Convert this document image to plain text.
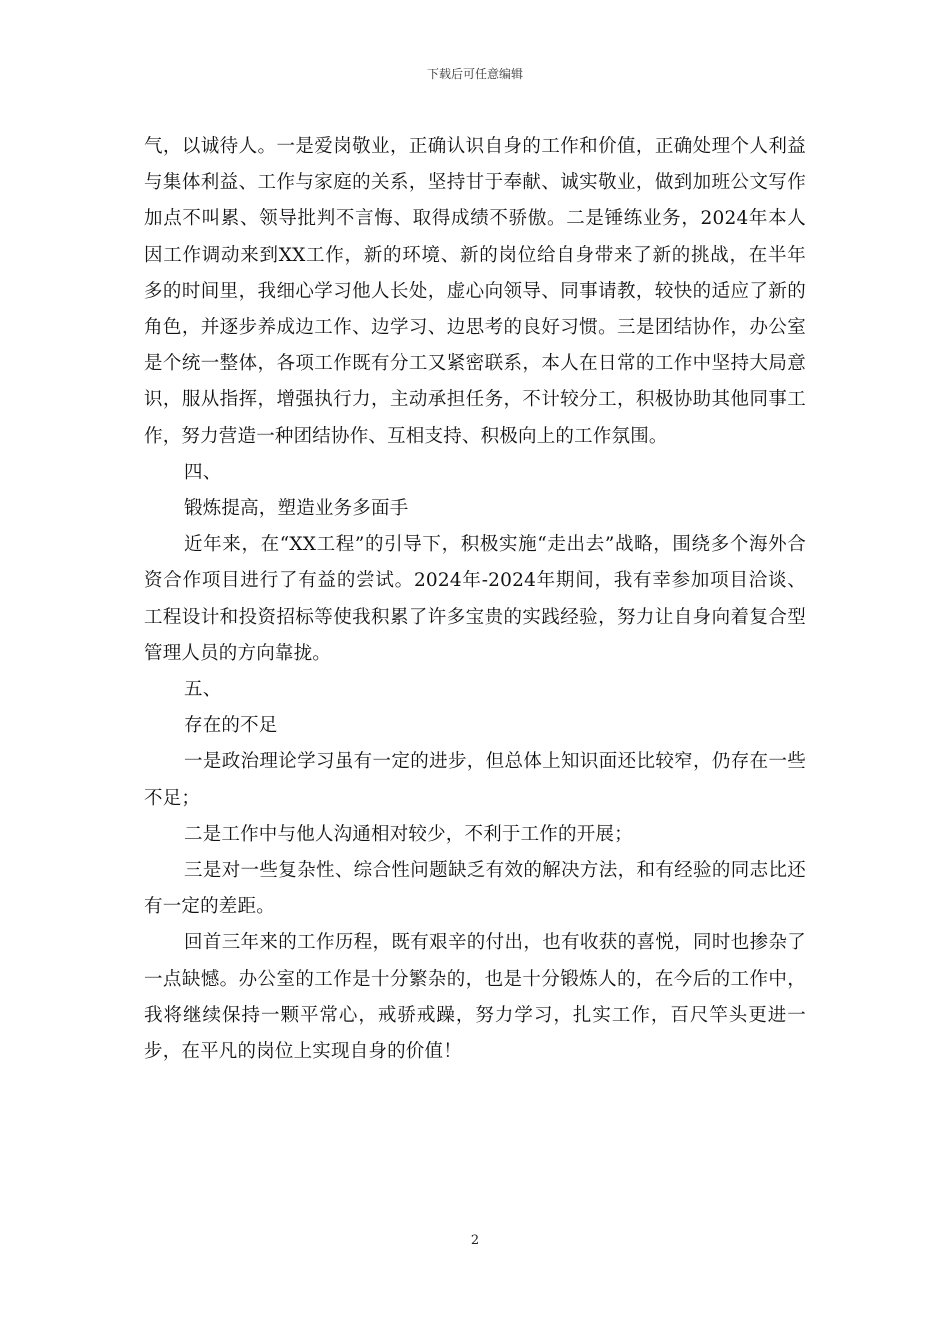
下载后可任意编辑

气，以诚待人。一是爱岗敬业，正确认识自身的工作和价值，正确处理个人利益与集体利益、工作与家庭的关系，坚持甘于奉献、诚实敬业，做到加班公文写作加点不叫累、领导批判不言悔、取得成绩不骄傲。二是锤练业务，2024年本人因工作调动来到XX工作，新的环境、新的岗位给自身带来了新的挑战，在半年多的时间里，我细心学习他人长处，虚心向领导、同事请教，较快的适应了新的角色，并逐步养成边工作、边学习、边思考的良好习惯。三是团结协作，办公室是个统一整体，各项工作既有分工又紧密联系，本人在日常的工作中坚持大局意识，服从指挥，增强执行力，主动承担任务，不计较分工，积极协助其他同事工作，努力营造一种团结协作、互相支持、积极向上的工作氛围。

四、

锻炼提高，塑造业务多面手

近年来，在“XX工程”的引导下，积极实施“走出去”战略，围绕多个海外合资合作项目进行了有益的尝试。2024年-2024年期间，我有幸参加项目洽谈、工程设计和投资招标等使我积累了许多宝贵的实践经验，努力让自身向着复合型管理人员的方向靠拢。

五、

存在的不足

一是政治理论学习虽有一定的进步，但总体上知识面还比较窄，仍存在一些不足；

二是工作中与他人沟通相对较少，不利于工作的开展；

三是对一些复杂性、综合性问题缺乏有效的解决方法，和有经验的同志比还有一定的差距。

回首三年来的工作历程，既有艰辛的付出，也有收获的喜悦，同时也掺杂了一点缺憾。办公室的工作是十分繁杂的，也是十分锻炼人的，在今后的工作中，我将继续保持一颗平常心，戒骄戒躁，努力学习，扎实工作，百尺竿头更进一步，在平凡的岗位上实现自身的价值！

2
